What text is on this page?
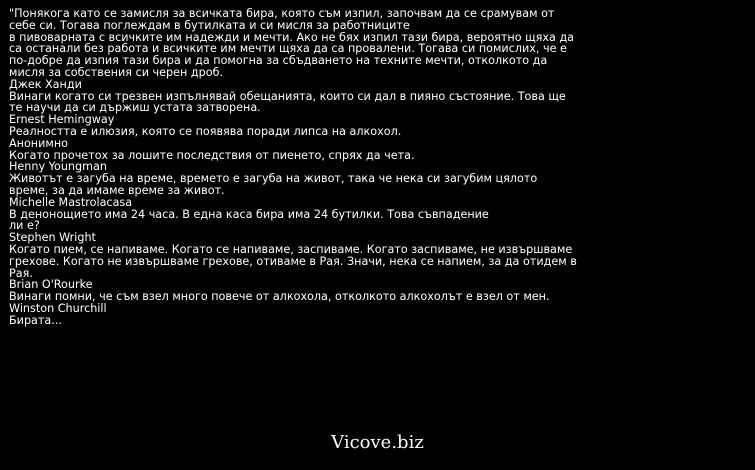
"Понякога като се замисля за всичката бира, която съм изпил, започвам да се срамувам от себе си. Тогава поглеждам в бутилката и си мисля за работниците
в пивоварната с всичките им надежди и мечти. Ако не бях изпил тази бира, вероятно щяха да са останали без работа и всичките им мечти щяха да са провалени. Тогава си помислих, че е по-добре да изпия тази бира и да помогна за сбъдването на техните мечти, отколкото да мисля за собствения си черен дроб.

Джек Ханди

Винаги когато си трезвен изпълнявай обещанията, които си дал в пияно състояние. Това ще те научи да си държиш устата затворена.

Ernest Hemingway

Реалността е илюзия, която се появява поради липса на алкохол.

Анонимно

Когато прочетох за лошите последствия от пиенето, спрях да чета.

Henny Youngman

Животът е загуба на време, времето е загуба на живот, така че нека си загубим цялото време, за да имаме време за живот.

Michelle Mastrolacasa

В денонощието има 24 часа. В една каса бира има 24 бутилки. Това съвпадение
ли е?

Stephen Wright

Когато пием, се напиваме. Когато се напиваме, заспиваме. Когато заспиваме, не извършваме грехове. Когато не извършваме грехове, отиваме в Рая. Значи, нека се напием, за да отидем в Рая.

Brian O'Rourke

Винаги помни, че съм взел много повече от алкохола, отколкото алкохолът е взел от мен.

Winston Churchill

Бирата...

Vicove.biz
